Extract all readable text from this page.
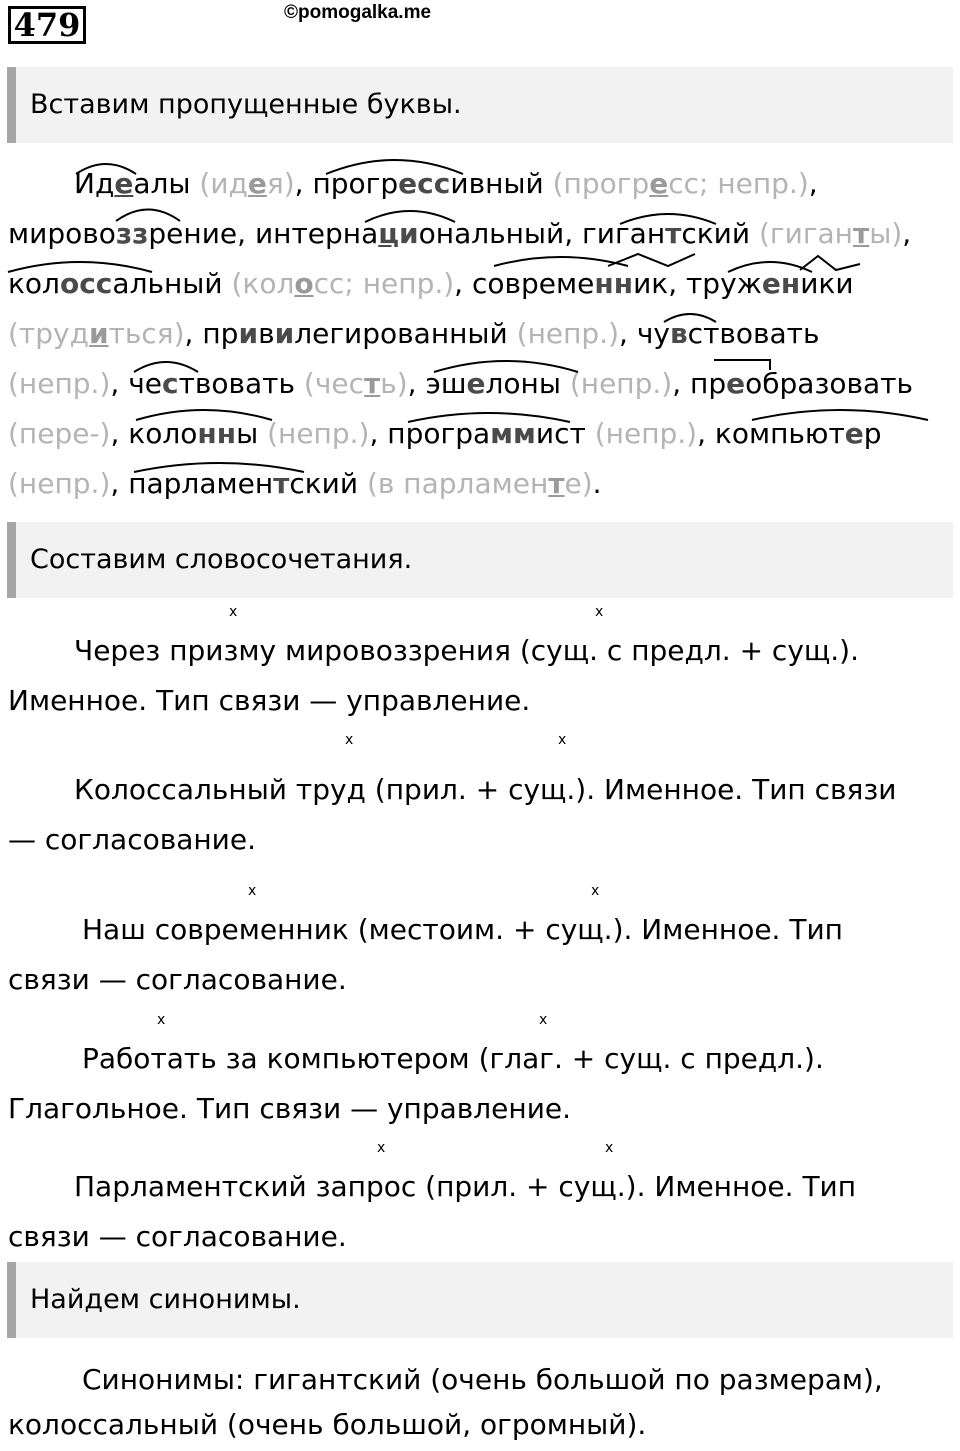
479	©pomogalka.me
Вставим пропущенные буквы.
Идеалы (идея), прогрессивный (прогресс; непр.),
мировоззрение, интернациональный, гигантский (гиганты),
колоссальный (колосс; непр.), современник, труженики
(трудиться), привилегированный (непр.), чувствовать
(непр.), чествовать (честь), эшелоны (непр.), преобразовать
(пере-), колонны (непр.), программист (непр.), компьютер
(непр.), парламентский (в парламенте).
Составим словосочетания.
х	х
Через призму мировоззрения (сущ. с предл. + сущ.).
Именное. Тип связи — управление.
х	х
Колоссальный труд (прил. + сущ.). Именное. Тип связи
— согласование.
х	х
Наш современник (местоим. + сущ.). Именное. Тип
связи — согласование.
х	х
Работать за компьютером (глаг. + сущ. с предл.).
Глагольное. Тип связи — управление.
х	х
Парламентский запрос (прил. + сущ.). Именное. Тип
связи — согласование.
Найдем синонимы.
Синонимы: гигантский (очень большой по размерам),
колоссальный (очень большой, огромный).
